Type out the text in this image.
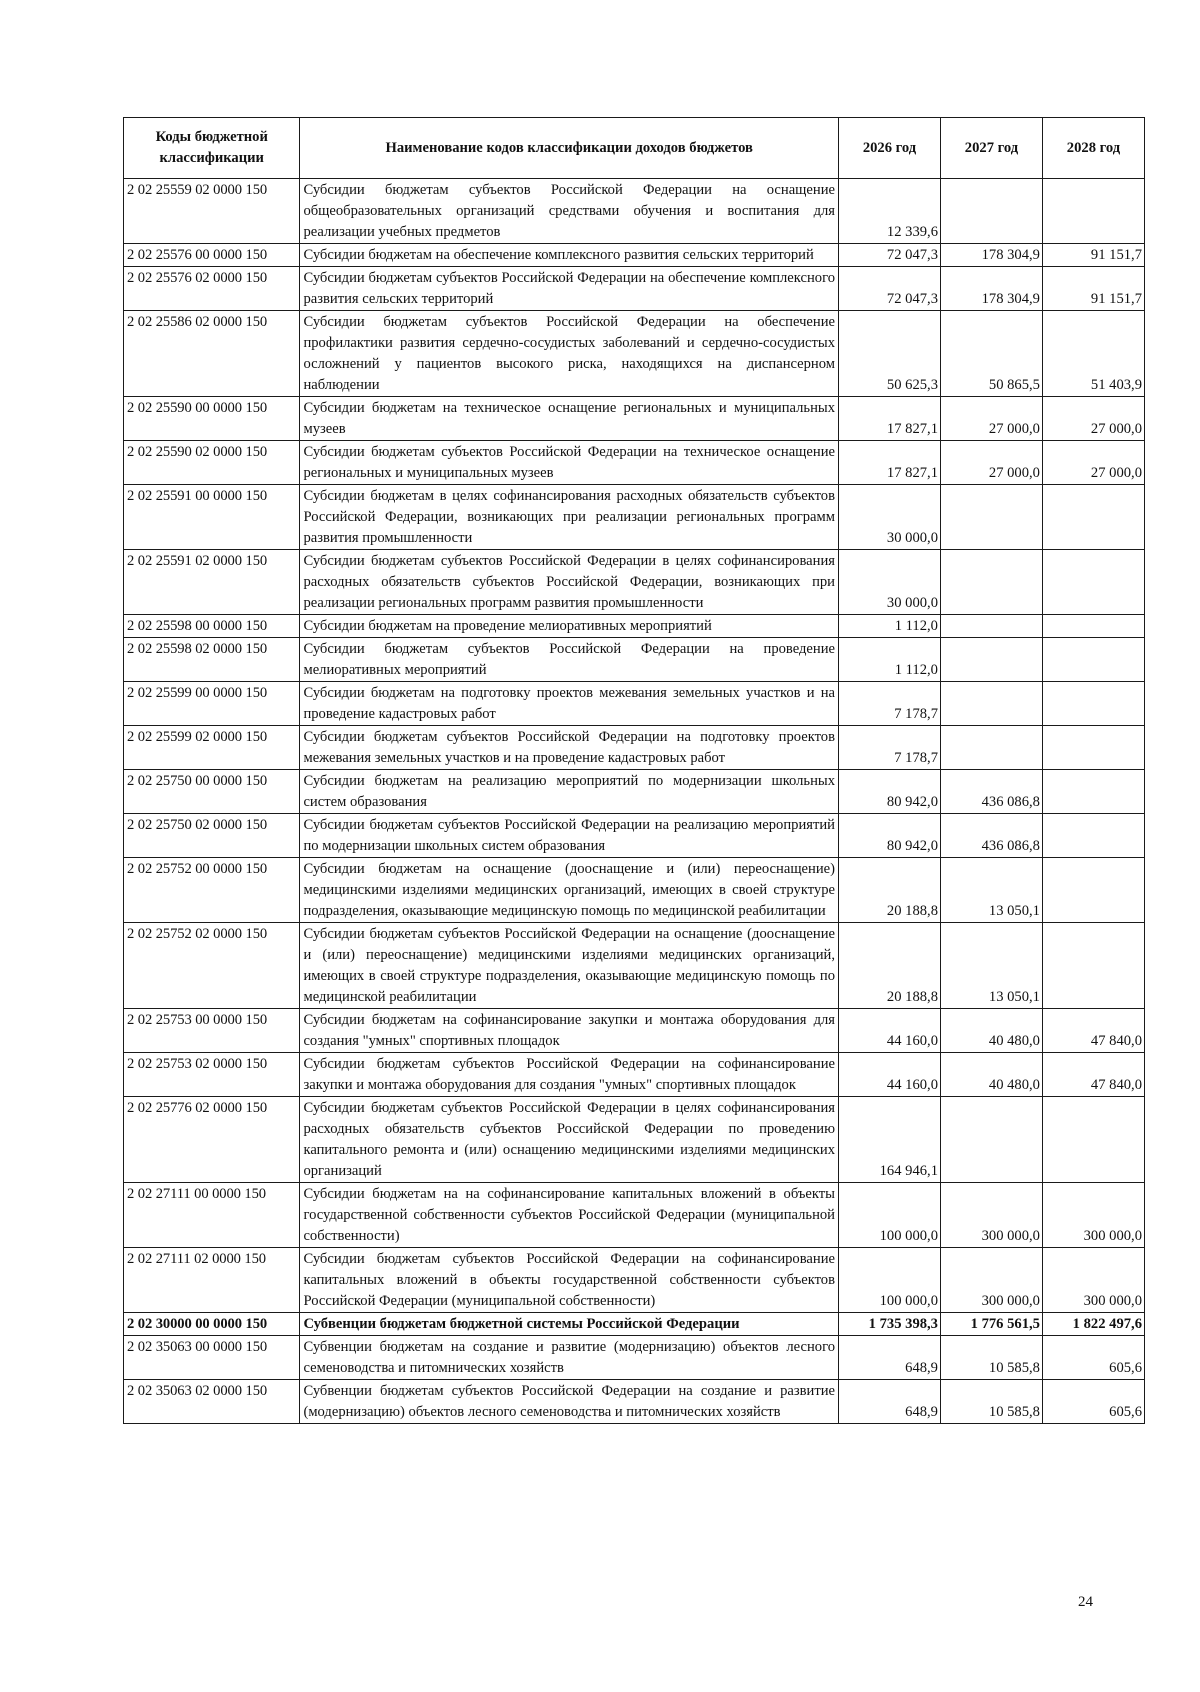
Коды бюджетной классификации	Наименование кодов классификации доходов бюджетов	2026 год	2027 год	2028 год
2 02 25559 02 0000 150	Субсидии бюджетам субъектов Российской Федерации на оснащение общеобразовательных организаций средствами обучения и воспитания для реализации учебных предметов	12 339,6		
2 02 25576 00 0000 150	Субсидии бюджетам на обеспечение комплексного развития сельских территорий	72 047,3	178 304,9	91 151,7
2 02 25576 02 0000 150	Субсидии бюджетам субъектов Российской Федерации на обеспечение комплексного развития сельских территорий	72 047,3	178 304,9	91 151,7
2 02 25586 02 0000 150	Субсидии бюджетам субъектов Российской Федерации на обеспечение профилактики развития сердечно-сосудистых заболеваний и сердечно-сосудистых осложнений у пациентов высокого риска, находящихся на диспансерном наблюдении	50 625,3	50 865,5	51 403,9
2 02 25590 00 0000 150	Субсидии бюджетам на техническое оснащение региональных и муниципальных музеев	17 827,1	27 000,0	27 000,0
2 02 25590 02 0000 150	Субсидии бюджетам субъектов Российской Федерации на техническое оснащение региональных и муниципальных музеев	17 827,1	27 000,0	27 000,0
2 02 25591 00 0000 150	Субсидии бюджетам в целях софинансирования расходных обязательств субъектов Российской Федерации, возникающих при реализации региональных программ развития промышленности	30 000,0		
2 02 25591 02 0000 150	Субсидии бюджетам субъектов Российской Федерации в целях софинансирования расходных обязательств субъектов Российской Федерации, возникающих при реализации региональных программ развития промышленности	30 000,0		
2 02 25598 00 0000 150	Субсидии бюджетам на проведение мелиоративных мероприятий	1 112,0		
2 02 25598 02 0000 150	Субсидии бюджетам субъектов Российской Федерации на проведение мелиоративных мероприятий	1 112,0		
2 02 25599 00 0000 150	Субсидии бюджетам на подготовку проектов межевания земельных участков и на проведение кадастровых работ	7 178,7		
2 02 25599 02 0000 150	Субсидии бюджетам субъектов Российской Федерации на подготовку проектов межевания земельных участков и на проведение кадастровых работ	7 178,7		
2 02 25750 00 0000 150	Субсидии бюджетам на реализацию мероприятий по модернизации школьных систем образования	80 942,0	436 086,8	
2 02 25750 02 0000 150	Субсидии бюджетам субъектов Российской Федерации на реализацию мероприятий по модернизации школьных систем образования	80 942,0	436 086,8	
2 02 25752 00 0000 150	Субсидии бюджетам на оснащение (дооснащение и (или) переоснащение) медицинскими изделиями медицинских организаций, имеющих в своей структуре подразделения, оказывающие медицинскую помощь по медицинской реабилитации	20 188,8	13 050,1	
2 02 25752 02 0000 150	Субсидии бюджетам субъектов Российской Федерации на оснащение (дооснащение и (или) переоснащение) медицинскими изделиями медицинских организаций, имеющих в своей структуре подразделения, оказывающие медицинскую помощь по медицинской реабилитации	20 188,8	13 050,1	
2 02 25753 00 0000 150	Субсидии бюджетам на софинансирование закупки и монтажа оборудования для создания "умных" спортивных площадок	44 160,0	40 480,0	47 840,0
2 02 25753 02 0000 150	Субсидии бюджетам субъектов Российской Федерации на софинансирование закупки и монтажа оборудования для создания "умных" спортивных площадок	44 160,0	40 480,0	47 840,0
2 02 25776 02 0000 150	Субсидии бюджетам субъектов Российской Федерации в целях софинансирования расходных обязательств субъектов Российской Федерации по проведению капитального ремонта и (или) оснащению медицинскими изделиями медицинских организаций	164 946,1		
2 02 27111 00 0000 150	Субсидии бюджетам на на софинансирование капитальных вложений в объекты государственной собственности субъектов Российской Федерации (муниципальной собственности)	100 000,0	300 000,0	300 000,0
2 02 27111 02 0000 150	Субсидии бюджетам субъектов Российской Федерации на софинансирование капитальных вложений в объекты государственной собственности субъектов Российской Федерации (муниципальной собственности)	100 000,0	300 000,0	300 000,0
2 02 30000 00 0000 150	Субвенции бюджетам бюджетной системы Российской Федерации	1 735 398,3	1 776 561,5	1 822 497,6
2 02 35063 00 0000 150	Субвенции бюджетам на создание и развитие (модернизацию) объектов лесного семеноводства и питомнических хозяйств	648,9	10 585,8	605,6
2 02 35063 02 0000 150	Субвенции бюджетам субъектов Российской Федерации на создание и развитие (модернизацию) объектов лесного семеноводства и питомнических хозяйств	648,9	10 585,8	605,6
24
